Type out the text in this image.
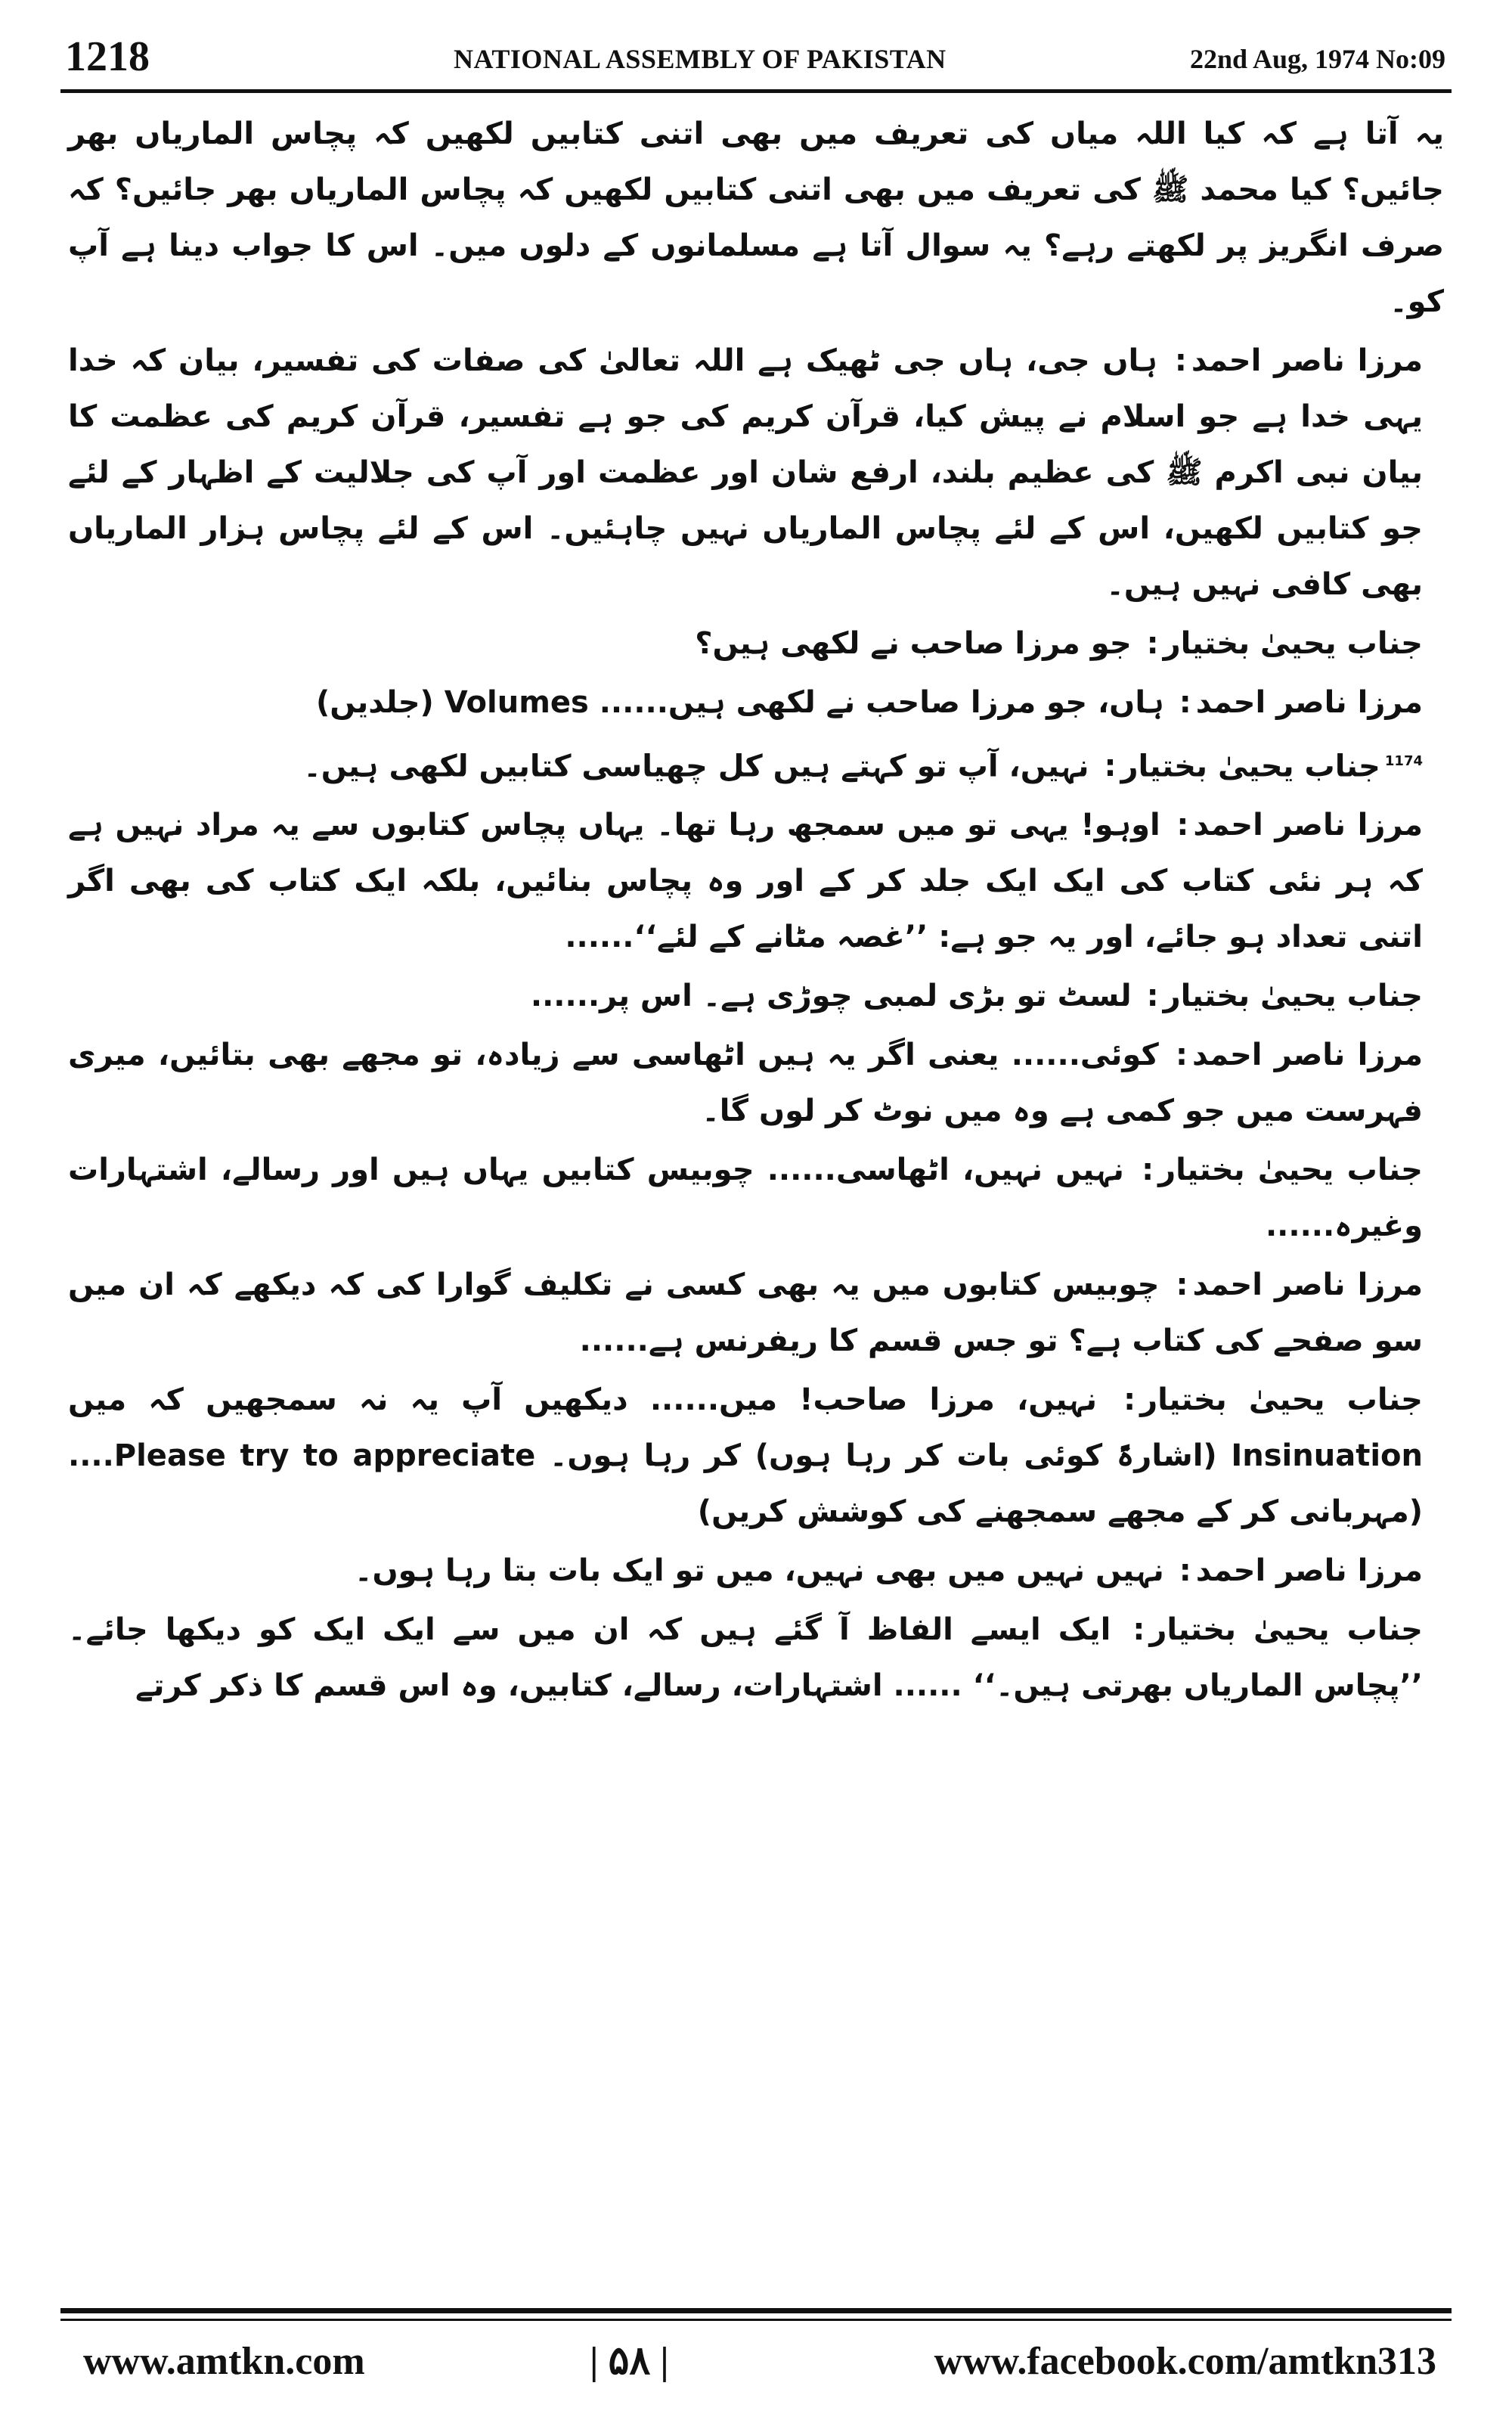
1218	NATIONAL ASSEMBLY OF PAKISTAN	22nd Aug, 1974 No:09

یہ آتا ہے کہ کیا اللہ میاں کی تعریف میں بھی اتنی کتابیں لکھیں کہ پچاس الماریاں بھر جائیں؟ کیا محمد ﷺ کی تعریف میں بھی اتنی کتابیں لکھیں کہ پچاس الماریاں بھر جائیں؟ کہ صرف انگریز پر لکھتے رہے؟ یہ سوال آتا ہے مسلمانوں کے دلوں میں۔ اس کا جواب دینا ہے آپ کو۔

مرزا ناصر احمد: ہاں جی، ہاں جی ٹھیک ہے اللہ تعالیٰ کی صفات کی تفسیر، بیان کہ خدا یہی خدا ہے جو اسلام نے پیش کیا، قرآن کریم کی جو ہے تفسیر، قرآن کریم کی عظمت کا بیان نبی اکرم ﷺ کی عظیم بلند، ارفع شان اور عظمت اور آپ کی جلالیت کے اظہار کے لئے جو کتابیں لکھیں، اس کے لئے پچاس الماریاں نہیں چاہئیں۔ اس کے لئے پچاس ہزار الماریاں بھی کافی نہیں ہیں۔

جناب یحییٰ بختیار: جو مرزا صاحب نے لکھی ہیں؟

مرزا ناصر احمد: ہاں، جو مرزا صاحب نے لکھی ہیں...... Volumes (جلدیں)

$^{1174}$جناب یحییٰ بختیار: نہیں، آپ تو کہتے ہیں کل چھیاسی کتابیں لکھی ہیں۔

مرزا ناصر احمد: اوہو! یہی تو میں سمجھ رہا تھا۔ یہاں پچاس کتابوں سے یہ مراد نہیں ہے کہ ہر نئی کتاب کی ایک ایک جلد کر کے اور وہ پچاس بنائیں، بلکہ ایک کتاب کی بھی اگر اتنی تعداد ہو جائے، اور یہ جو ہے: ’’غصہ مٹانے کے لئے‘‘......

جناب یحییٰ بختیار: لسٹ تو بڑی لمبی چوڑی ہے۔ اس پر......

مرزا ناصر احمد: کوئی...... یعنی اگر یہ ہیں اٹھاسی سے زیادہ، تو مجھے بھی بتائیں، میری فہرست میں جو کمی ہے وہ میں نوٹ کر لوں گا۔

جناب یحییٰ بختیار: نہیں نہیں، اٹھاسی...... چوبیس کتابیں یہاں ہیں اور رسالے، اشتہارات وغیرہ......

مرزا ناصر احمد: چوبیس کتابوں میں یہ بھی کسی نے تکلیف گوارا کی کہ دیکھے کہ ان میں سو صفحے کی کتاب ہے؟ تو جس قسم کا ریفرنس ہے......

جناب یحییٰ بختیار: نہیں، مرزا صاحب! میں...... دیکھیں آپ یہ نہ سمجھیں کہ میں Insinuation (اشارۃً کوئی بات کر رہا ہوں) کر رہا ہوں۔ Please try to appreciate.... (مہربانی کر کے مجھے سمجھنے کی کوشش کریں)

مرزا ناصر احمد: نہیں نہیں میں بھی نہیں، میں تو ایک بات بتا رہا ہوں۔

جناب یحییٰ بختیار: ایک ایسے الفاظ آ گئے ہیں کہ ان میں سے ایک ایک کو دیکھا جائے۔ ’’پچاس الماریاں بھرتی ہیں۔‘‘ ...... اشتہارات، رسالے، کتابیں، وہ اس قسم کا ذکر کرتے

www.amtkn.com	| ۵۸ |	www.facebook.com/amtkn313
